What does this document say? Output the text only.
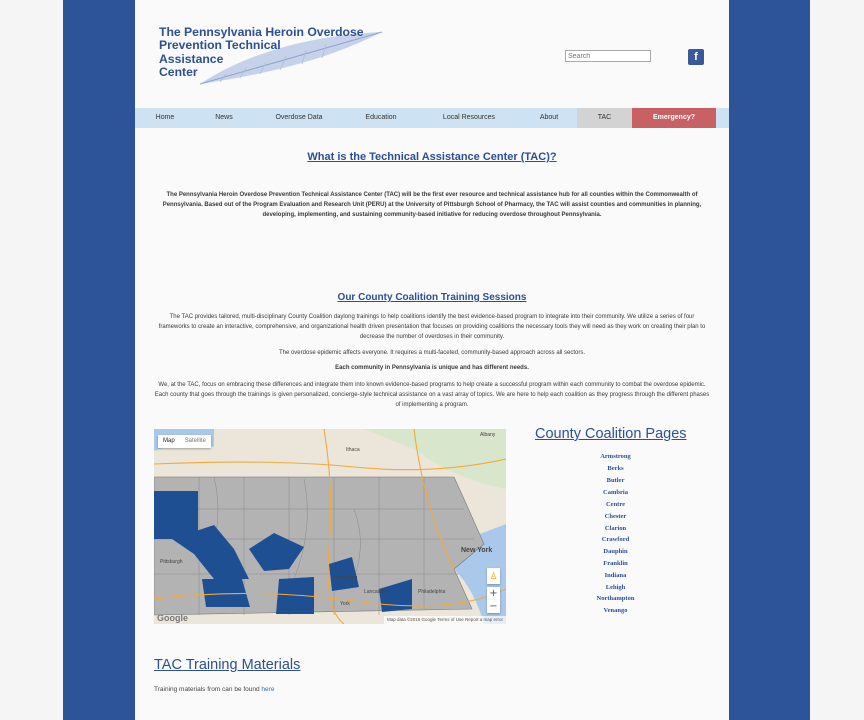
The Pennsylvania Heroin Overdose
Prevention Technical
Assistance
Center
Search
f
Home	News	Overdose Data	Education	Local Resources	About	TAC	Emergency?
What is the Technical Assistance Center (TAC)?
The Pennsylvania Heroin Overdose Prevention Technical Assistance Center (TAC) will be the first ever resource and technical assistance hub for all counties within the Commonwealth of Pennsylvania. Based out of the Program Evaluation and Research Unit (PERU) at the University of Pittsburgh School of Pharmacy, the TAC will assist counties and communities in planning, developing, implementing, and sustaining community-based initiative for reducing overdose throughout Pennsylvania.
Our County Coalition Training Sessions
The TAC provides tailored, multi-disciplinary County Coalition daylong trainings to help coalitions identify the best evidence-based program to integrate into their community. We utilize a series of four frameworks to create an interactive, comprehensive, and organizational health driven presentation that focuses on providing coalitions the necessary tools they will need as they work on creating their plan to decrease the number of overdoses in their community.
The overdose epidemic affects everyone. It requires a multi-faceted, community-based approach across all sectors.
Each community in Pennsylvania is unique and has different needs.
We, at the TAC, focus on embracing these differences and integrate them into known evidence-based programs to help create a successful program within each community to combat the overdose epidemic. Each county that goes through the trainings is given personalized, concierge-style technical assistance on a vast array of topics. We are here to help each coalition as they progress through the different phases of implementing a program.
Map Satellite
Albany
Ithaca
New York
Pittsburgh
Philadelphia
York
Lancaster
Harrisburg	♙
+
−
Google	Map data ©2016 Google Terms of Use Report a map error
County Coalition Pages
Armstrong
Berks
Butler
Cambria
Centre
Chester
Clarion
Crawford
Dauphin
Franklin
Indiana
Lehigh
Northampton
Venango
TAC Training Materials
Training materials from can be found here
